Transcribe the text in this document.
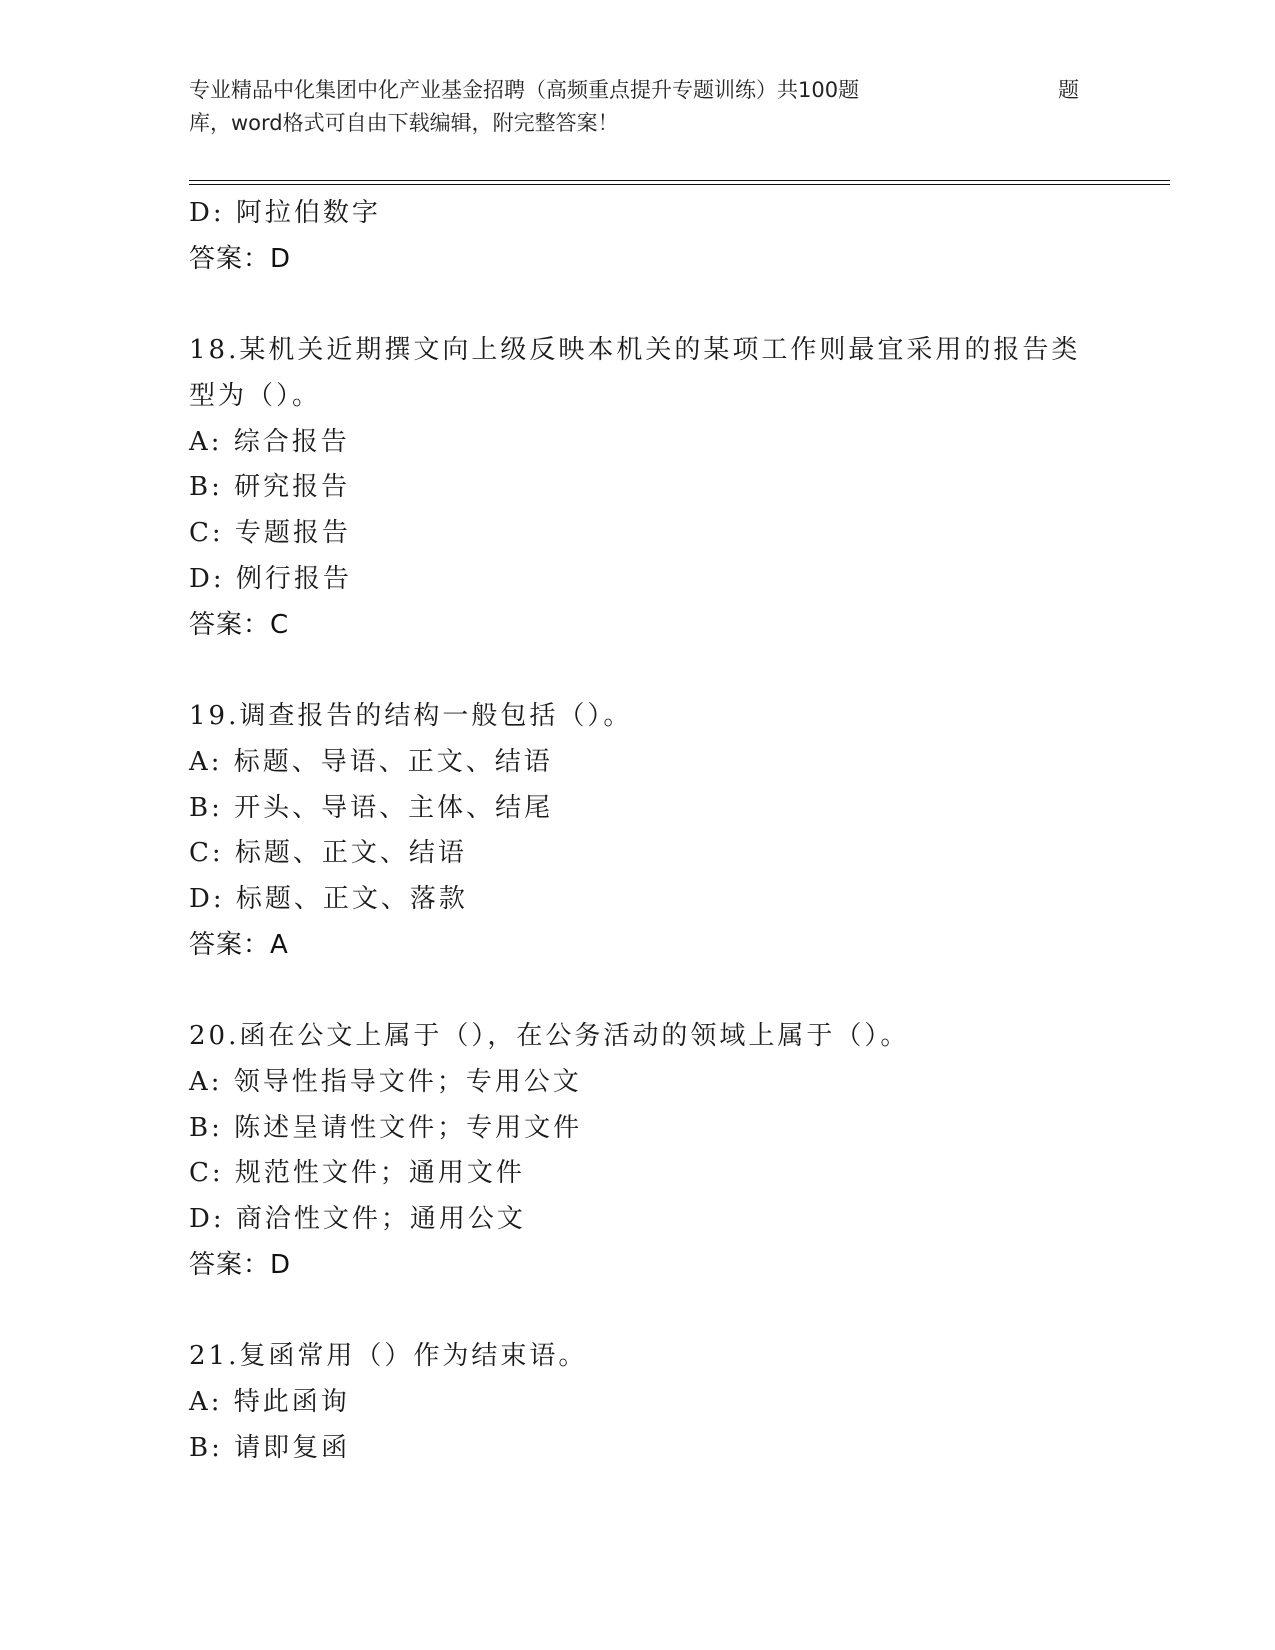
专业精品中化集团中化产业基金招聘（高频重点提升专题训练）共100题	题
库，word格式可自由下载编辑，附完整答案！
D: 阿拉伯数字
答案：D
18.某机关近期撰文向上级反映本机关的某项工作则最宜采用的报告类
型为（）。
A: 综合报告
B: 研究报告
C: 专题报告
D: 例行报告
答案：C
19.调查报告的结构一般包括（）。
A: 标题、导语、正文、结语
B: 开头、导语、主体、结尾
C: 标题、正文、结语
D: 标题、正文、落款
答案：A
20.函在公文上属于（），在公务活动的领域上属于（）。
A: 领导性指导文件；专用公文
B: 陈述呈请性文件；专用文件
C: 规范性文件；通用文件
D: 商洽性文件；通用公文
答案：D
21.复函常用（）作为结束语。
A: 特此函询
B: 请即复函
